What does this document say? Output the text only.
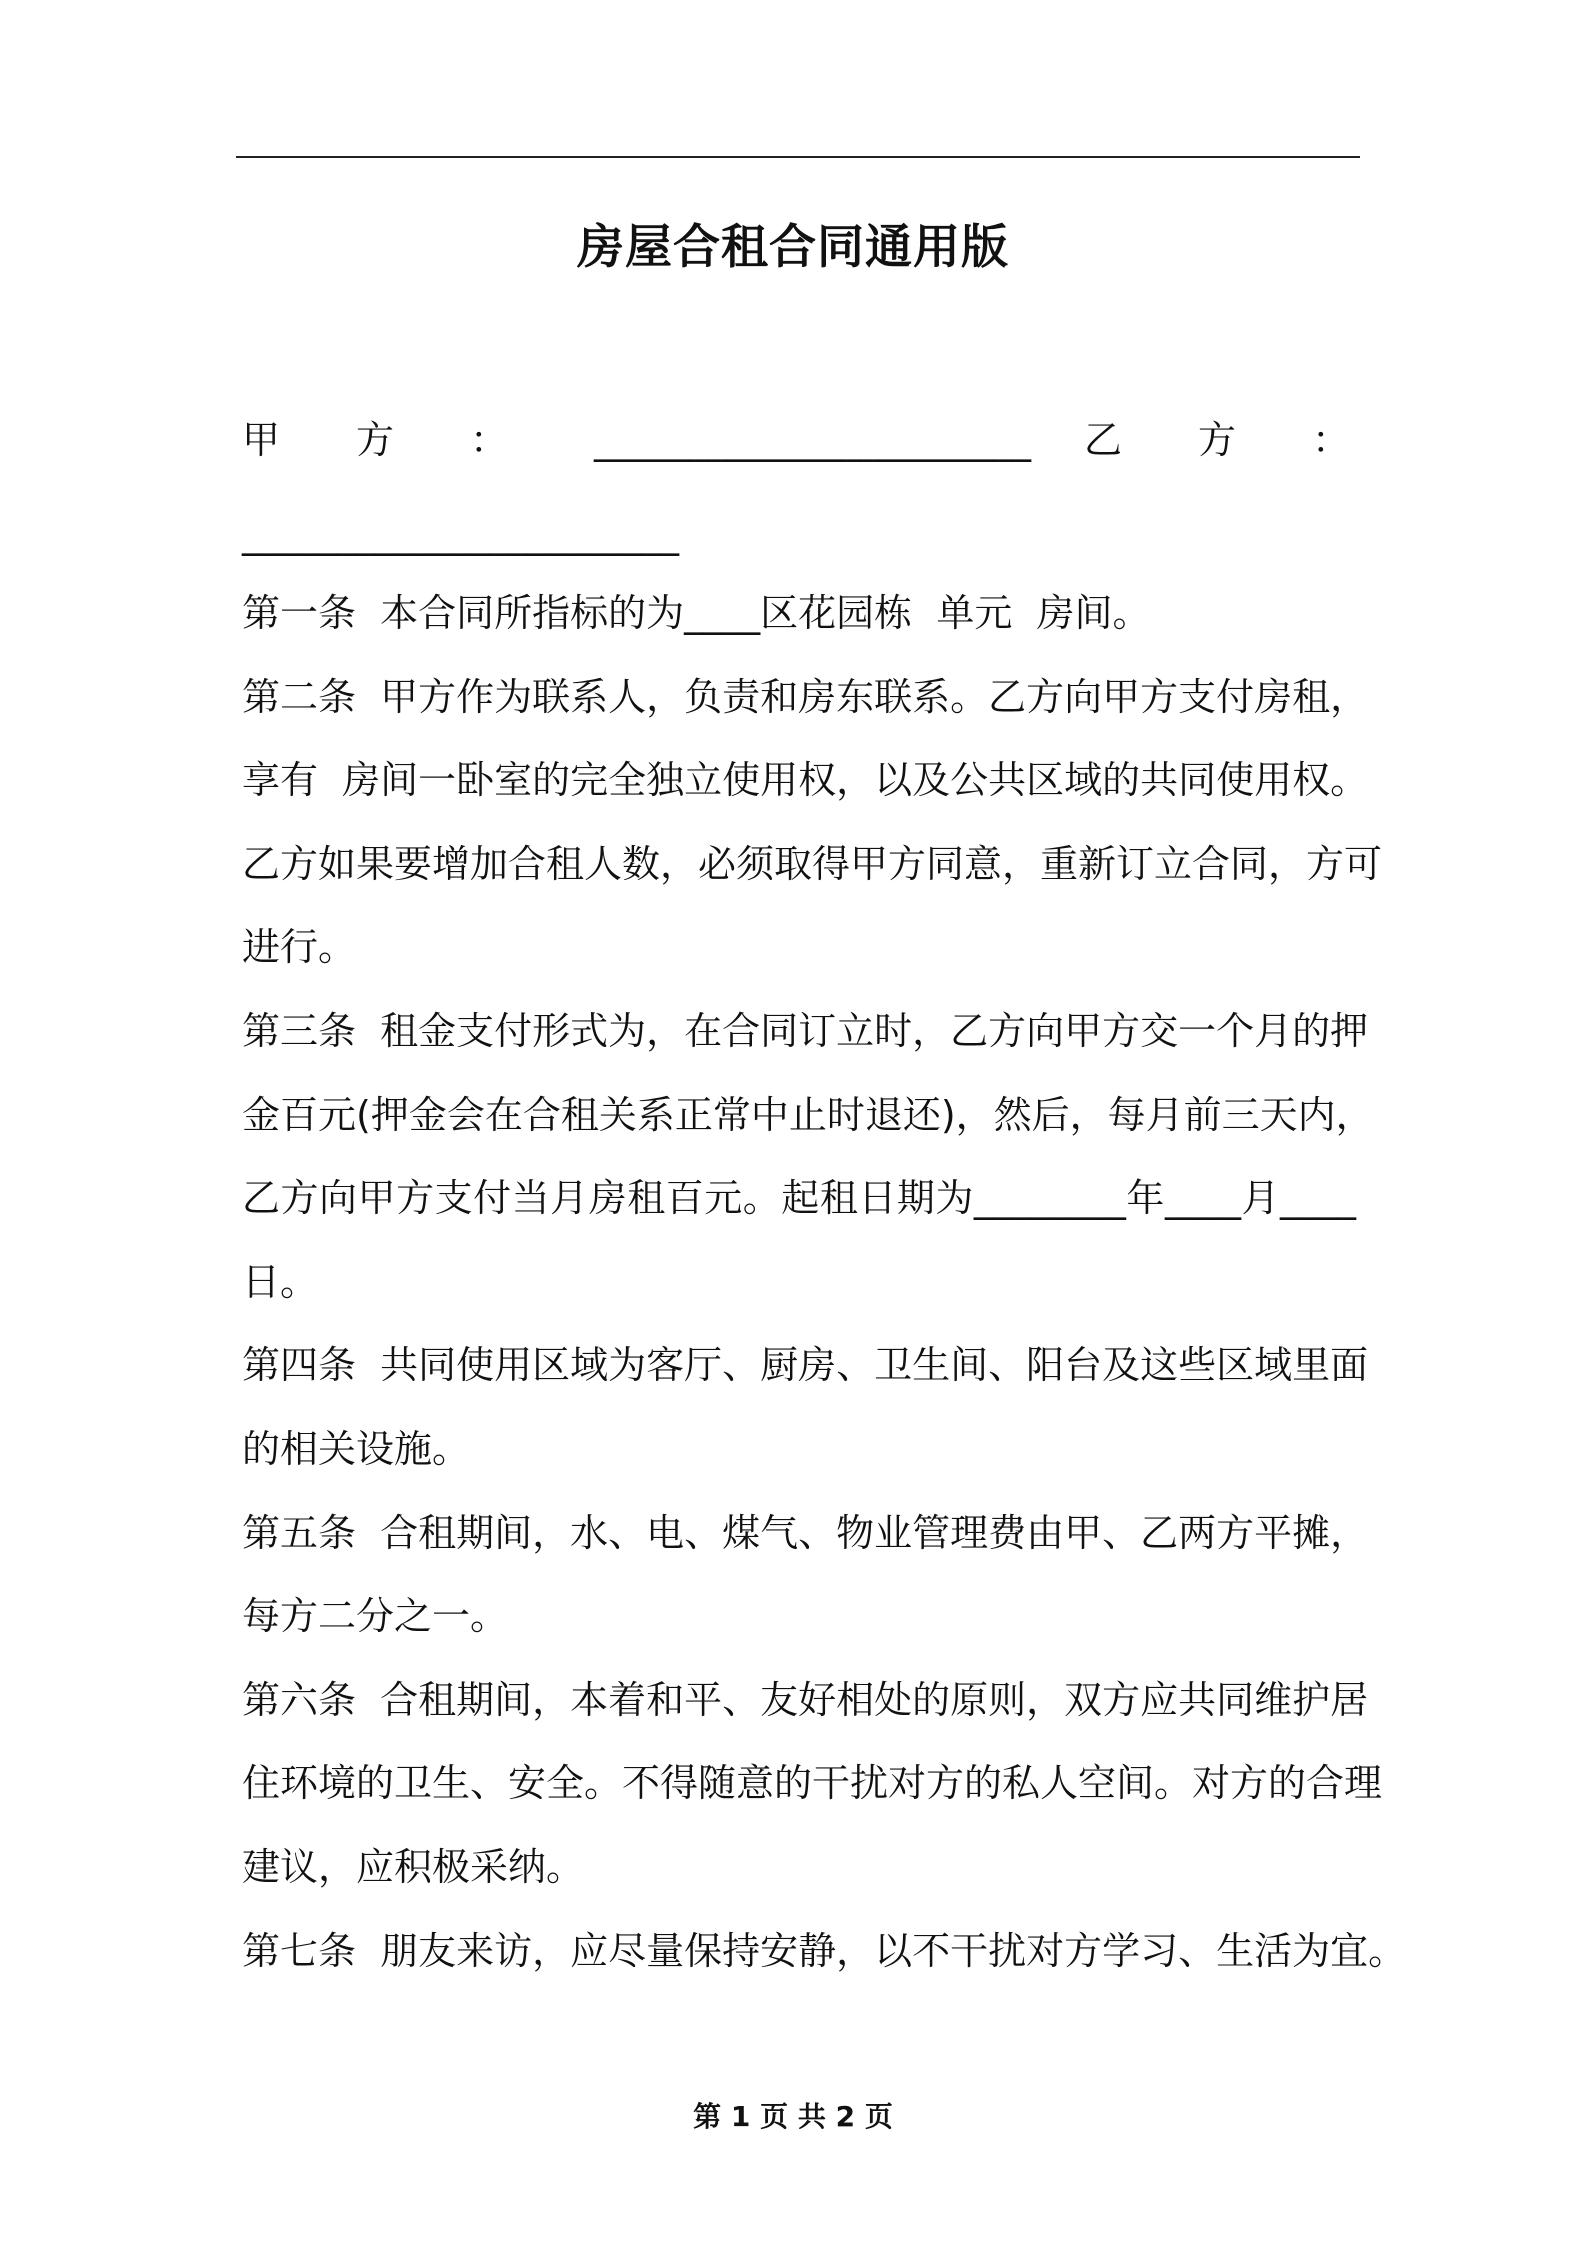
房屋合租合同通用版
甲　　方　　： _______________________ 乙　　方　　：
_______________________
第一条  本合同所指标的为____区花园栋  单元  房间。
第二条  甲方作为联系人，负责和房东联系。乙方向甲方支付房租，
享有  房间一卧室的完全独立使用权，以及公共区域的共同使用权。
乙方如果要增加合租人数，必须取得甲方同意，重新订立合同，方可
进行。
第三条  租金支付形式为，在合同订立时，乙方向甲方交一个月的押
金百元(押金会在合租关系正常中止时退还)，然后，每月前三天内，
乙方向甲方支付当月房租百元。起租日期为________年____月____
日。
第四条  共同使用区域为客厅、厨房、卫生间、阳台及这些区域里面
的相关设施。
第五条  合租期间，水、电、煤气、物业管理费由甲、乙两方平摊，
每方二分之一。
第六条  合租期间，本着和平、友好相处的原则，双方应共同维护居
住环境的卫生、安全。不得随意的干扰对方的私人空间。对方的合理
建议，应积极采纳。
第七条  朋友来访，应尽量保持安静，以不干扰对方学习、生活为宜。
第 1 页 共 2 页
